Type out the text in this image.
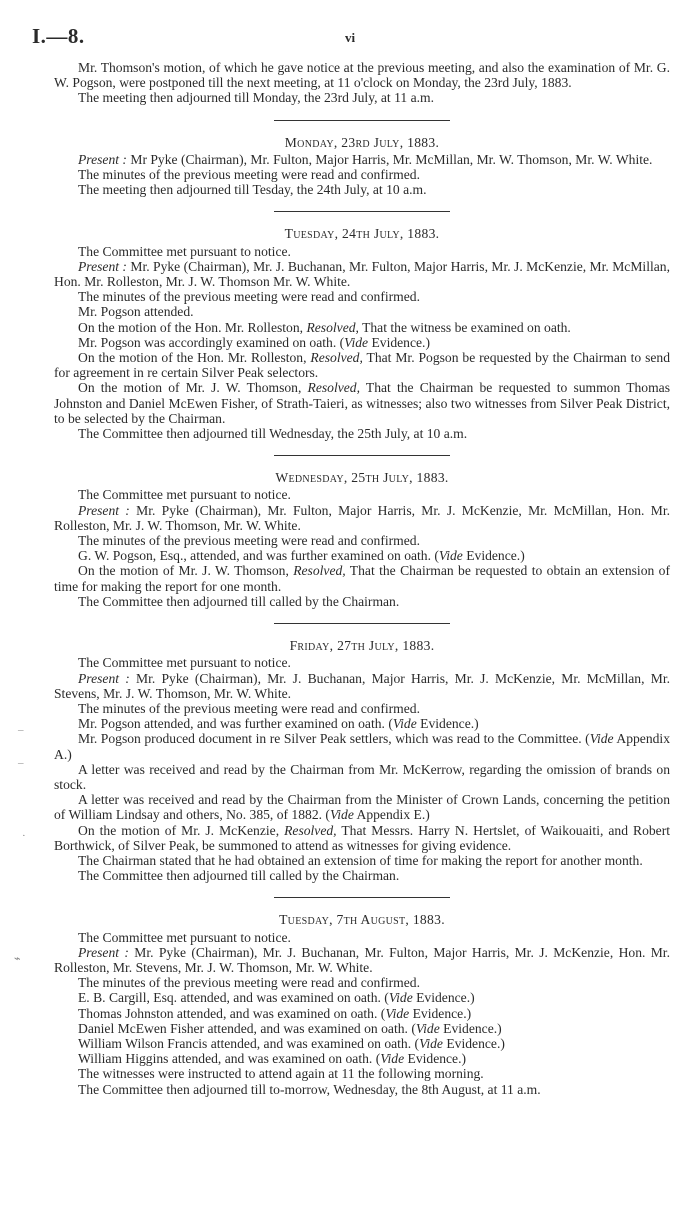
I.—8.	vi

Mr. Thomson's motion, of which he gave notice at the previous meeting, and also the examination of Mr. G. W. Pogson, were postponed till the next meeting, at 11 o'clock on Monday, the 23rd July, 1883.

The meeting then adjourned till Monday, the 23rd July, at 11 a.m.

Monday, 23rd July, 1883.

Present : Mr Pyke (Chairman), Mr. Fulton, Major Harris, Mr. McMillan, Mr. W. Thomson, Mr. W. White.

The minutes of the previous meeting were read and confirmed.

The meeting then adjourned till Tesday, the 24th July, at 10 a.m.

Tuesday, 24th July, 1883.

The Committee met pursuant to notice.

Present : Mr. Pyke (Chairman), Mr. J. Buchanan, Mr. Fulton, Major Harris, Mr. J. McKenzie, Mr. McMillan, Hon. Mr. Rolleston, Mr. J. W. Thomson Mr. W. White.

The minutes of the previous meeting were read and confirmed.

Mr. Pogson attended.

On the motion of the Hon. Mr. Rolleston, Resolved, That the witness be examined on oath.

Mr. Pogson was accordingly examined on oath. (Vide Evidence.)

On the motion of the Hon. Mr. Rolleston, Resolved, That Mr. Pogson be requested by the Chairman to send for agreement in re certain Silver Peak selectors.

On the motion of Mr. J. W. Thomson, Resolved, That the Chairman be requested to summon Thomas Johnston and Daniel McEwen Fisher, of Strath-Taieri, as witnesses; also two witnesses from Silver Peak District, to be selected by the Chairman.

The Committee then adjourned till Wednesday, the 25th July, at 10 a.m.

Wednesday, 25th July, 1883.

The Committee met pursuant to notice.

Present : Mr. Pyke (Chairman), Mr. Fulton, Major Harris, Mr. J. McKenzie, Mr. McMillan, Hon. Mr. Rolleston, Mr. J. W. Thomson, Mr. W. White.

The minutes of the previous meeting were read and confirmed.

G. W. Pogson, Esq., attended, and was further examined on oath. (Vide Evidence.)

On the motion of Mr. J. W. Thomson, Resolved, That the Chairman be requested to obtain an extension of time for making the report for one month.

The Committee then adjourned till called by the Chairman.

Friday, 27th July, 1883.

The Committee met pursuant to notice.

Present : Mr. Pyke (Chairman), Mr. J. Buchanan, Major Harris, Mr. J. McKenzie, Mr. McMillan, Mr. Stevens, Mr. J. W. Thomson, Mr. W. White.

The minutes of the previous meeting were read and confirmed.

Mr. Pogson attended, and was further examined on oath. (Vide Evidence.)

Mr. Pogson produced document in re Silver Peak settlers, which was read to the Committee. (Vide Appendix A.)

A letter was received and read by the Chairman from Mr. McKerrow, regarding the omission of brands on stock.

A letter was received and read by the Chairman from the Minister of Crown Lands, concerning the petition of William Lindsay and others, No. 385, of 1882. (Vide Appendix E.)

On the motion of Mr. J. McKenzie, Resolved, That Messrs. Harry N. Hertslet, of Waikouaiti, and Robert Borthwick, of Silver Peak, be summoned to attend as witnesses for giving evidence.

The Chairman stated that he had obtained an extension of time for making the report for another month.

The Committee then adjourned till called by the Chairman.

Tuesday, 7th August, 1883.

The Committee met pursuant to notice.

Present : Mr. Pyke (Chairman), Mr. J. Buchanan, Mr. Fulton, Major Harris, Mr. J. McKenzie, Hon. Mr. Rolleston, Mr. Stevens, Mr. J. W. Thomson, Mr. W. White.

The minutes of the previous meeting were read and confirmed.

E. B. Cargill, Esq. attended, and was examined on oath. (Vide Evidence.)

Thomas Johnston attended, and was examined on oath. (Vide Evidence.)

Daniel McEwen Fisher attended, and was examined on oath. (Vide Evidence.)

William Wilson Francis attended, and was examined on oath. (Vide Evidence.)

William Higgins attended, and was examined on oath. (Vide Evidence.)

The witnesses were instructed to attend again at 11 the following morning.

The Committee then adjourned till to-morrow, Wednesday, the 8th August, at 11 a.m.

–
–
·
⌁
